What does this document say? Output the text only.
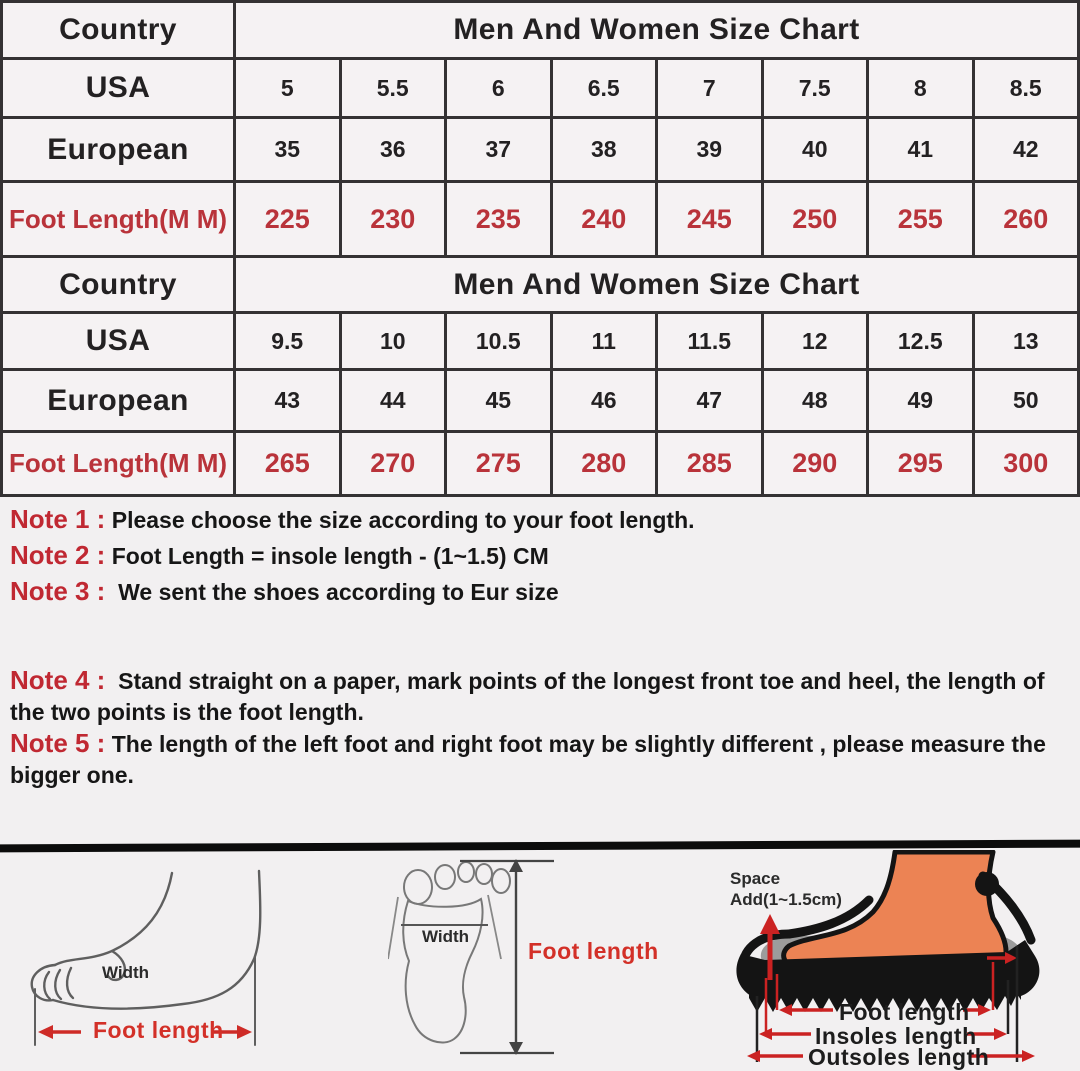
Country	Men And Women Size Chart							
USA	5	5.5	6	6.5	7	7.5	8	8.5
European	35	36	37	38	39	40	41	42
Foot Length(M M)	225	230	235	240	245	250	255	260
Country	Men And Women Size Chart							
USA	9.5	10	10.5	11	11.5	12	12.5	13
European	43	44	45	46	47	48	49	50
Foot Length(M M)	265	270	275	280	285	290	295	300
Note 1 : Please choose the size according to your foot length.
Note 2 : Foot Length = insole length - (1~1.5) CM
Note 3 :  We sent the shoes according to Eur size
Note 4 :  Stand straight on a paper, mark points of the longest front toe and heel, the length of the two points is the foot length.
Note 5 : The length of the left foot and right foot may be slightly different , please measure the bigger one.
Width
Foot length
Width
Foot length
Space
Add(1~1.5cm)
Foot length
Insoles length
Outsoles length
